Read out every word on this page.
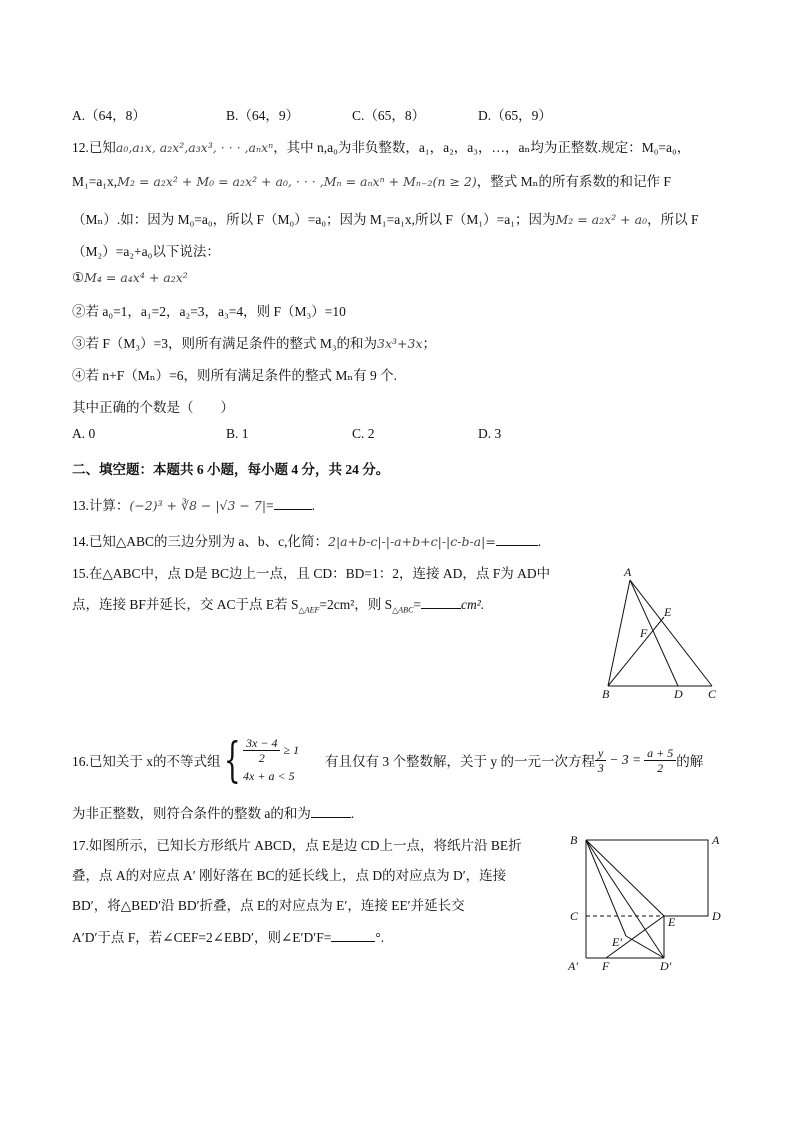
A.（64，8）	B.（64，9）	C.（65，8）	D.（65，9）
12.已知a₀,a₁x, a₂x²,a₃x³, · · · ,aₙxⁿ，其中 n,a₀为非负整数，a₁，a₂，a₃，…，aₙ均为正整数.规定：M₀=a₀，
M₁=a₁x,M₂ = a₂x² + M₀ = a₂x² + a₀, · · · ,Mₙ = aₙxⁿ + Mₙ₋₂(n ≥ 2)，整式 Mₙ的所有系数的和记作 F
（Mₙ）.如：因为 M₀=a₀，所以 F（M₀）=a₀；因为 M₁=a₁x,所以 F（M₁）=a₁；因为M₂ = a₂x² + a₀，所以 F
（M₂）=a₂+a₀以下说法：
①M₄ = a₄x⁴ + a₂x²
②若 a₀=1，a₁=2，a₂=3，a₃=4，则 F（M₃）=10
③若 F（M₃）=3，则所有满足条件的整式 M₃的和为3x³+3x；
④若 n+F（Mₙ）=6，则所有满足条件的整式 Mₙ有 9 个.
其中正确的个数是（　　）
A. 0	B. 1	C. 2	D. 3
二、填空题：本题共 6 小题，每小题 4 分，共 24 分。
13.计算：(−2)³ + ∛8 − |√3 − 7|=	.
14.已知△ABC的三边分别为 a、b、c,化简：2|a+b-c|-|-a+b+c|-|c-b-a|=	.
15.在△ABC中，点 D是 BC边上一点，且 CD：BD=1：2，连接 AD，点 F为 AD中
点，连接 BF并延长，交 AC于点 E若 $S_{\triangle AEF}=2cm^2$，则 $S_{\triangle ABC}=$	cm².
A
B	D C
E
F
16.已知关于 x的不等式组 { $\frac{3x - 4}{2} \ge 1$
4x + a < 5
有且仅有 3 个整数解，关于 y 的一元一次方程 $\frac{y}{3} - 3 = \frac{a + 5}{2}$ 的解
为非正整数，则符合条件的整数 a的和为	.
17.如图所示，已知长方形纸片 ABCD，点 E是边 CD上一点，将纸片沿 BE折
叠，点 A的对应点 A′ 刚好落在 BC的延长线上，点 D的对应点为 D′，连接
BD′，将△BED′沿 BD′折叠，点 E的对应点为 E′，连接 EE′并延长交
A′D′于点 F，若∠CEF=2∠EBD′，则∠E′D′F=	°.
B	A
C	D
E
E′
A′ F	D′
